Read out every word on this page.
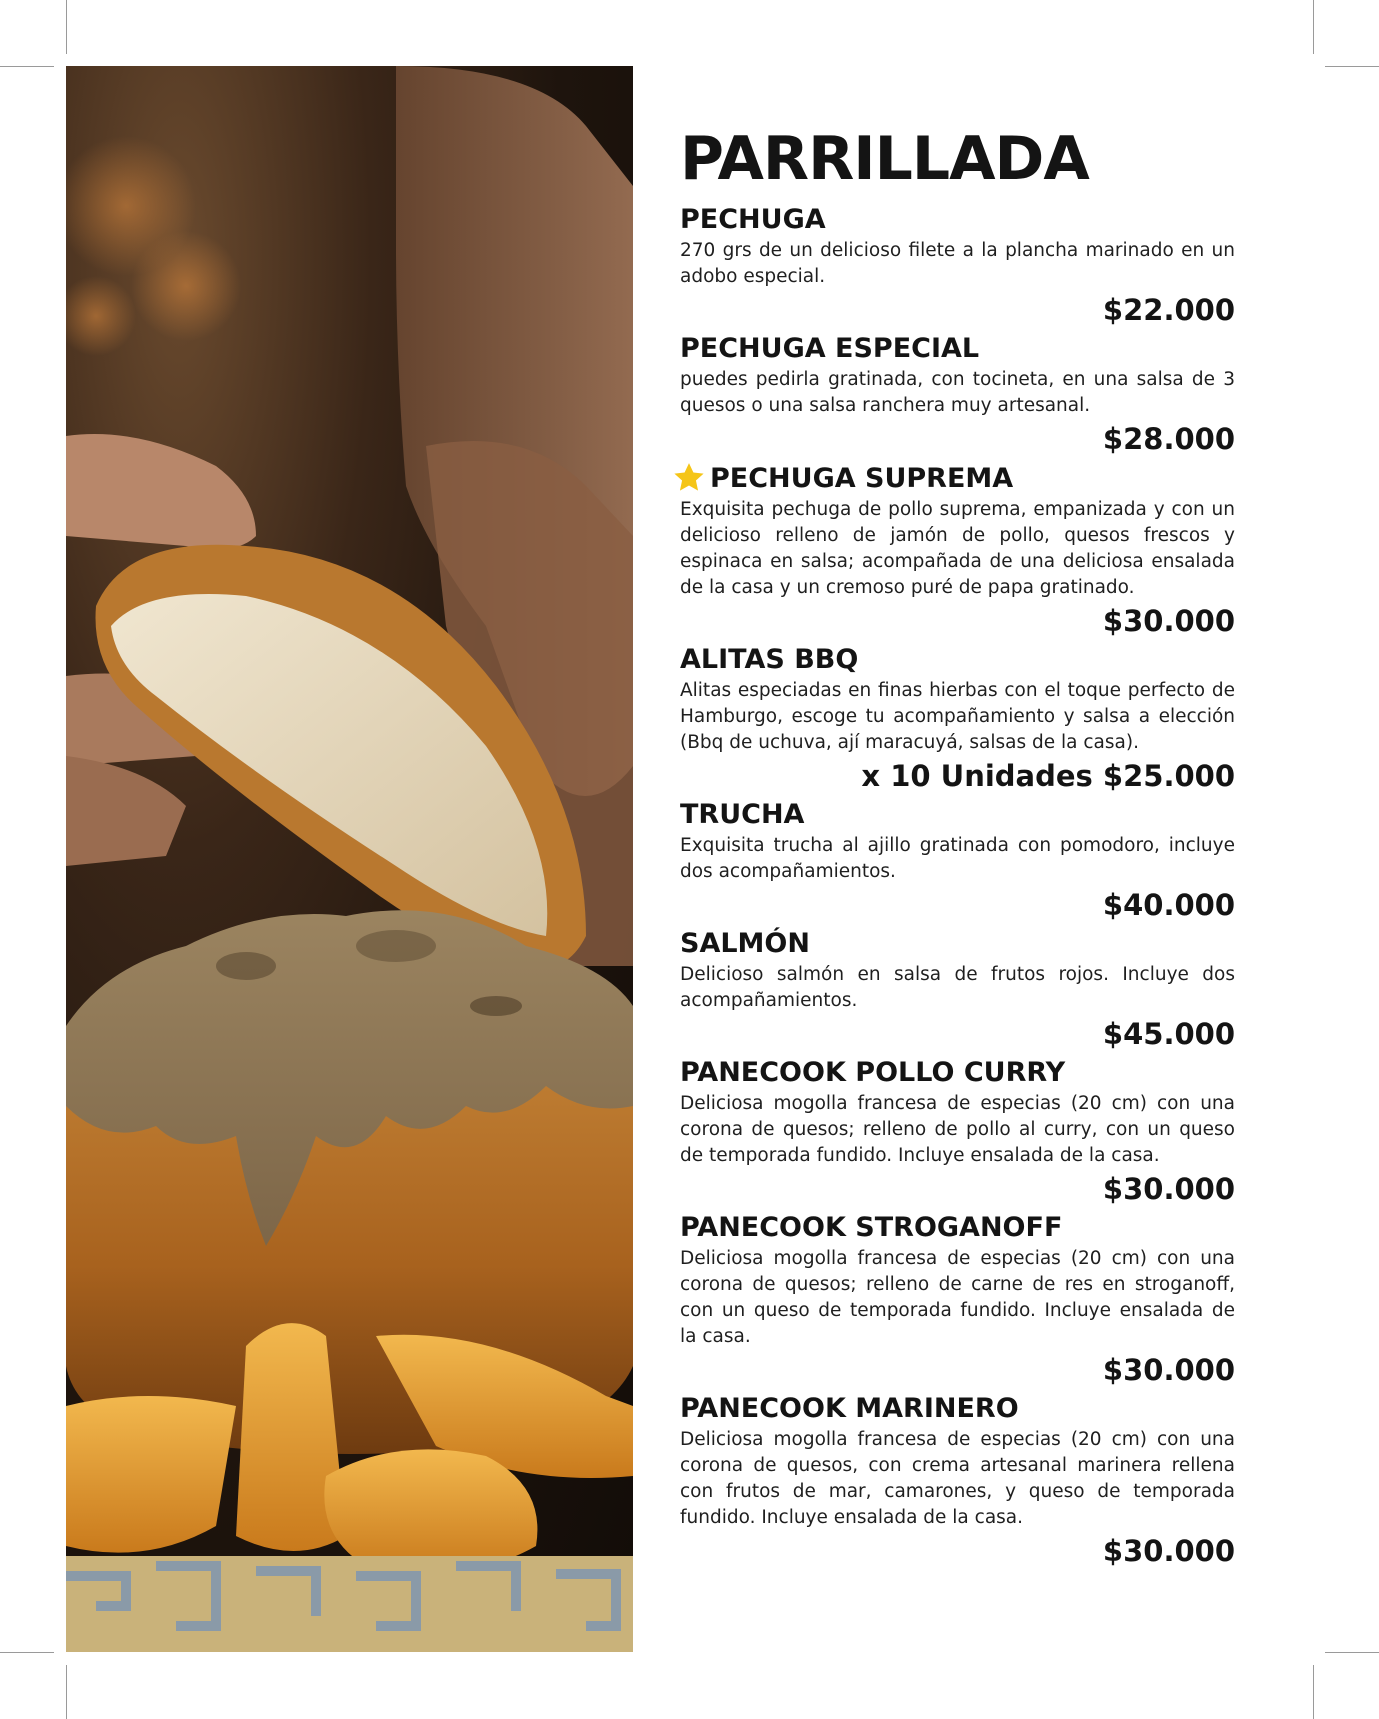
PARRILLADA
PECHUGA
270 grs de un delicioso filete a la plancha marinado en un adobo especial.
$22.000
PECHUGA ESPECIAL
puedes pedirla gratinada, con tocineta, en una salsa de 3 quesos o una salsa ranchera muy artesanal.
$28.000
PECHUGA SUPREMA
Exquisita pechuga de pollo suprema, empanizada y con un delicioso relleno de jamón de pollo, quesos frescos y espinaca en salsa; acompañada de una deliciosa ensalada de la casa y un cremoso puré de papa gratinado.
$30.000
ALITAS BBQ
Alitas especiadas en finas hierbas con el toque perfecto de Hamburgo, escoge tu acompañamiento y salsa a elección (Bbq de uchuva, ají maracuyá, salsas de la casa).
x 10 Unidades $25.000
TRUCHA
Exquisita trucha al ajillo gratinada con pomodoro, incluye dos acompañamientos.
$40.000
SALMÓN
Delicioso salmón en salsa de frutos rojos. Incluye dos acompañamientos.
$45.000
PANECOOK POLLO CURRY
Deliciosa mogolla francesa de especias (20 cm) con una corona de quesos; relleno de pollo al curry, con un queso de temporada fundido. Incluye ensalada de la casa.
$30.000
PANECOOK STROGANOFF
Deliciosa mogolla francesa de especias (20 cm) con una corona de quesos; relleno de carne de res en stroganoff, con un queso de temporada fundido. Incluye ensalada de la casa.
$30.000
PANECOOK MARINERO
Deliciosa mogolla francesa de especias (20 cm) con una corona de quesos, con crema artesanal marinera rellena con frutos de mar, camarones, y queso de temporada fundido. Incluye ensalada de la casa.
$30.000
